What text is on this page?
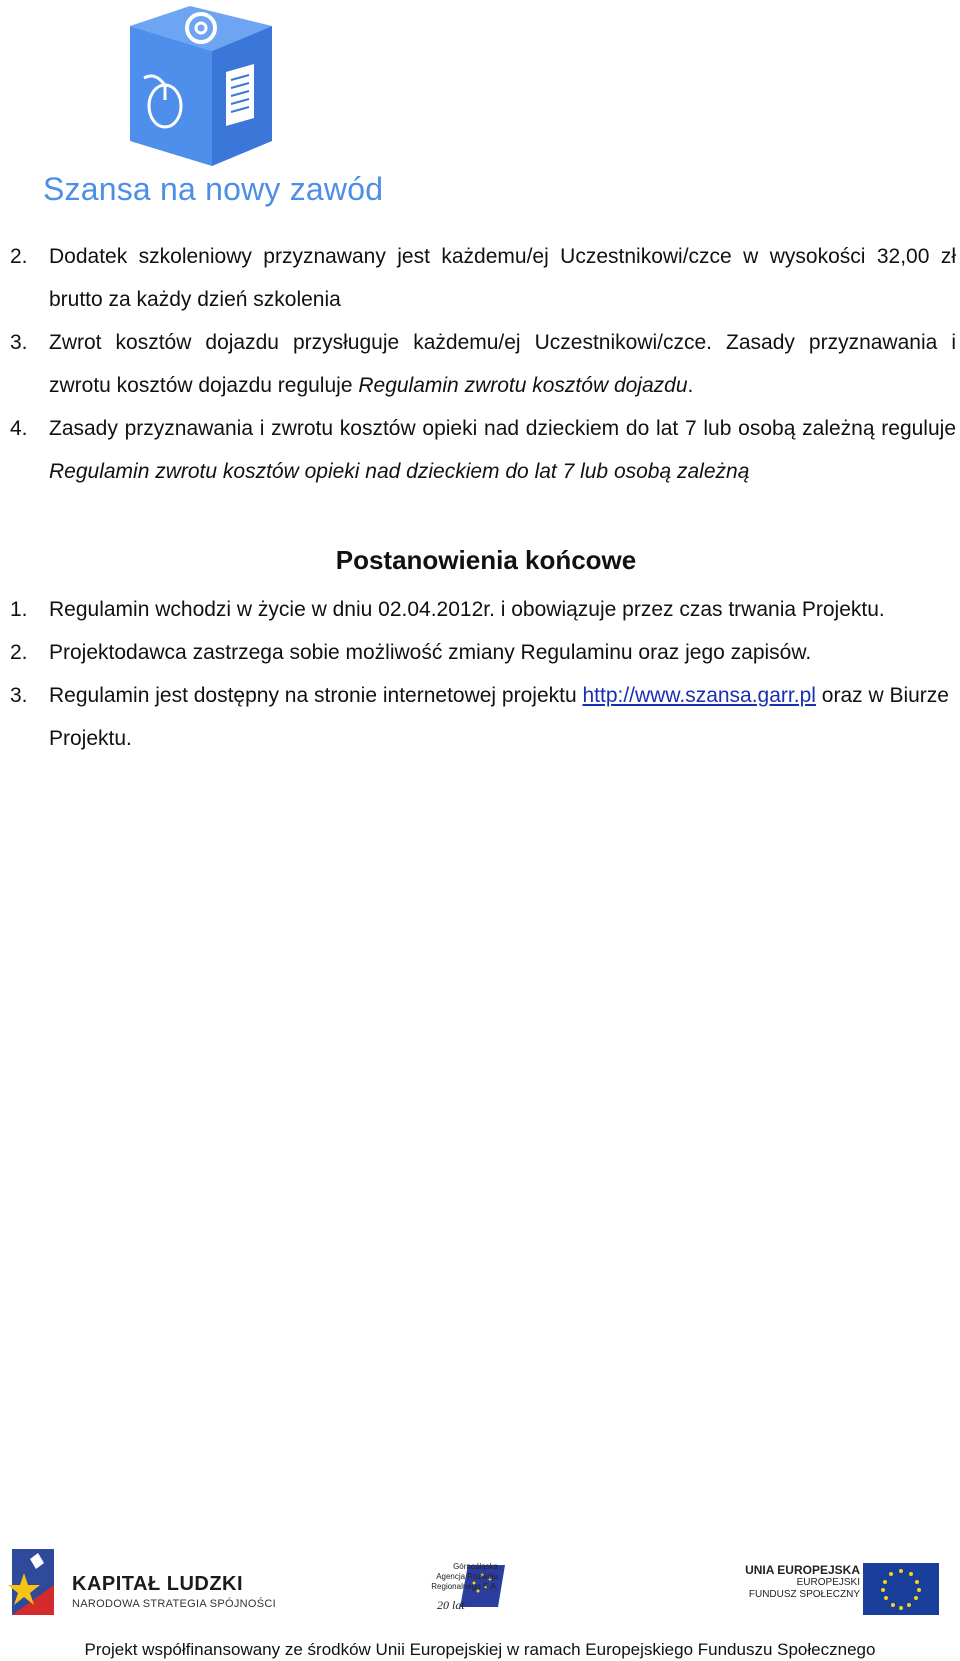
Szansa na nowy zawód
2. Dodatek szkoleniowy przyznawany jest każdemu/ej Uczestnikowi/czce w wysokości 32,00 zł brutto za każdy dzień szkolenia
3. Zwrot kosztów dojazdu przysługuje każdemu/ej Uczestnikowi/czce. Zasady przyznawania i zwrotu kosztów dojazdu reguluje Regulamin zwrotu kosztów dojazdu.
4. Zasady przyznawania i zwrotu kosztów opieki nad dzieckiem do lat 7 lub osobą zależną reguluje Regulamin zwrotu kosztów opieki nad dzieckiem do lat 7 lub osobą zależną
Postanowienia końcowe
1. Regulamin wchodzi w życie w dniu 02.04.2012r. i obowiązuje przez czas trwania Projektu.
2. Projektodawca zastrzega sobie możliwość zmiany Regulaminu oraz jego zapisów.
3. Regulamin jest dostępny na stronie internetowej projektu http://www.szansa.garr.pl oraz w Biurze Projektu.
KAPITAŁ LUDZKI
NARODOWA STRATEGIA SPÓJNOŚCI
Górnośląska
Agencja Rozwoju
Regionalnego S.A.
20 lat
UNIA EUROPEJSKA
EUROPEJSKI
FUNDUSZ SPOŁECZNY
Projekt współfinansowany ze środków Unii Europejskiej w ramach Europejskiego Funduszu Społecznego
